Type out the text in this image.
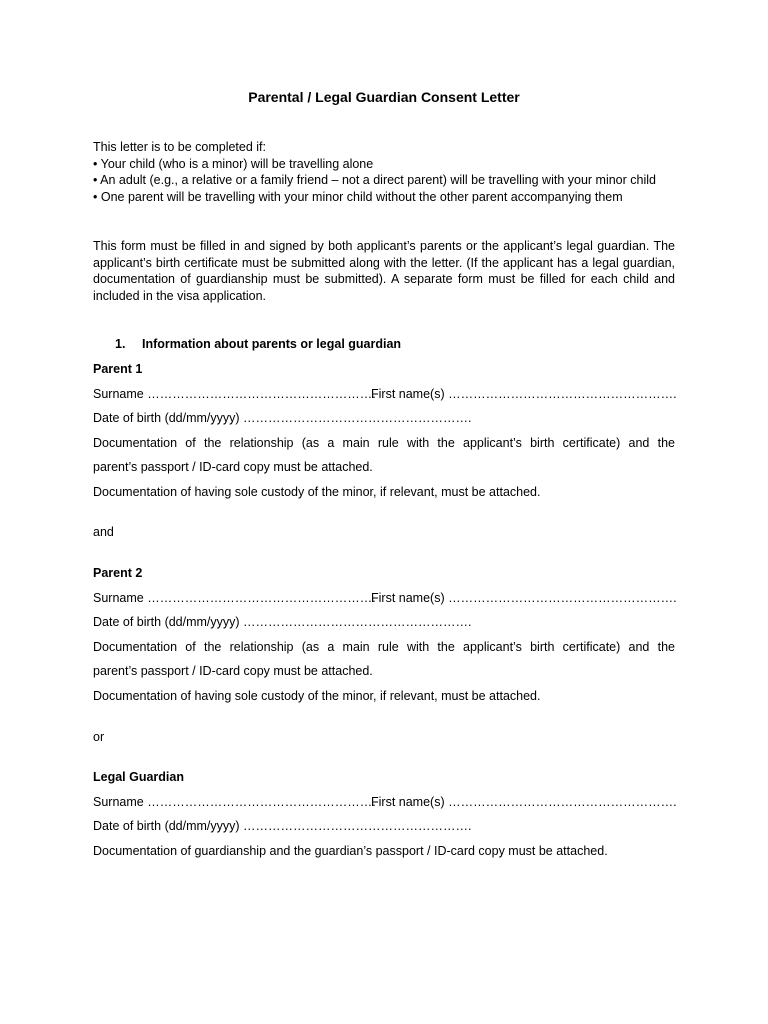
Parental / Legal Guardian Consent Letter
This letter is to be completed if:
• Your child (who is a minor) will be travelling alone
• An adult (e.g., a relative or a family friend – not a direct parent) will be travelling with your minor child
• One parent will be travelling with your minor child without the other parent accompanying them

This form must be filled in and signed by both applicant’s parents or the applicant’s legal guardian. The applicant’s birth certificate must be submitted along with the letter. (If the applicant has a legal guardian, documentation of guardianship must be submitted). A separate form must be filled for each child and included in the visa application.

1. Information about parents or legal guardian
Parent 1
Surname ……………………………………………….
First name(s) ……………………………………………….
Date of birth (dd/mm/yyyy) ……………………………………………….
Documentation of the relationship (as a main rule with the applicant’s birth certificate) and the
parent’s passport / ID-card copy must be attached.
Documentation of having sole custody of the minor, if relevant, must be attached.
and
Parent 2
Surname ……………………………………………….
First name(s) ……………………………………………….
Date of birth (dd/mm/yyyy) ……………………………………………….
Documentation of the relationship (as a main rule with the applicant’s birth certificate) and the
parent’s passport / ID-card copy must be attached.
Documentation of having sole custody of the minor, if relevant, must be attached.
or
Legal Guardian
Surname ……………………………………………….
First name(s) ……………………………………………….
Date of birth (dd/mm/yyyy) ……………………………………………….
Documentation of guardianship and the guardian’s passport / ID-card copy must be attached.
